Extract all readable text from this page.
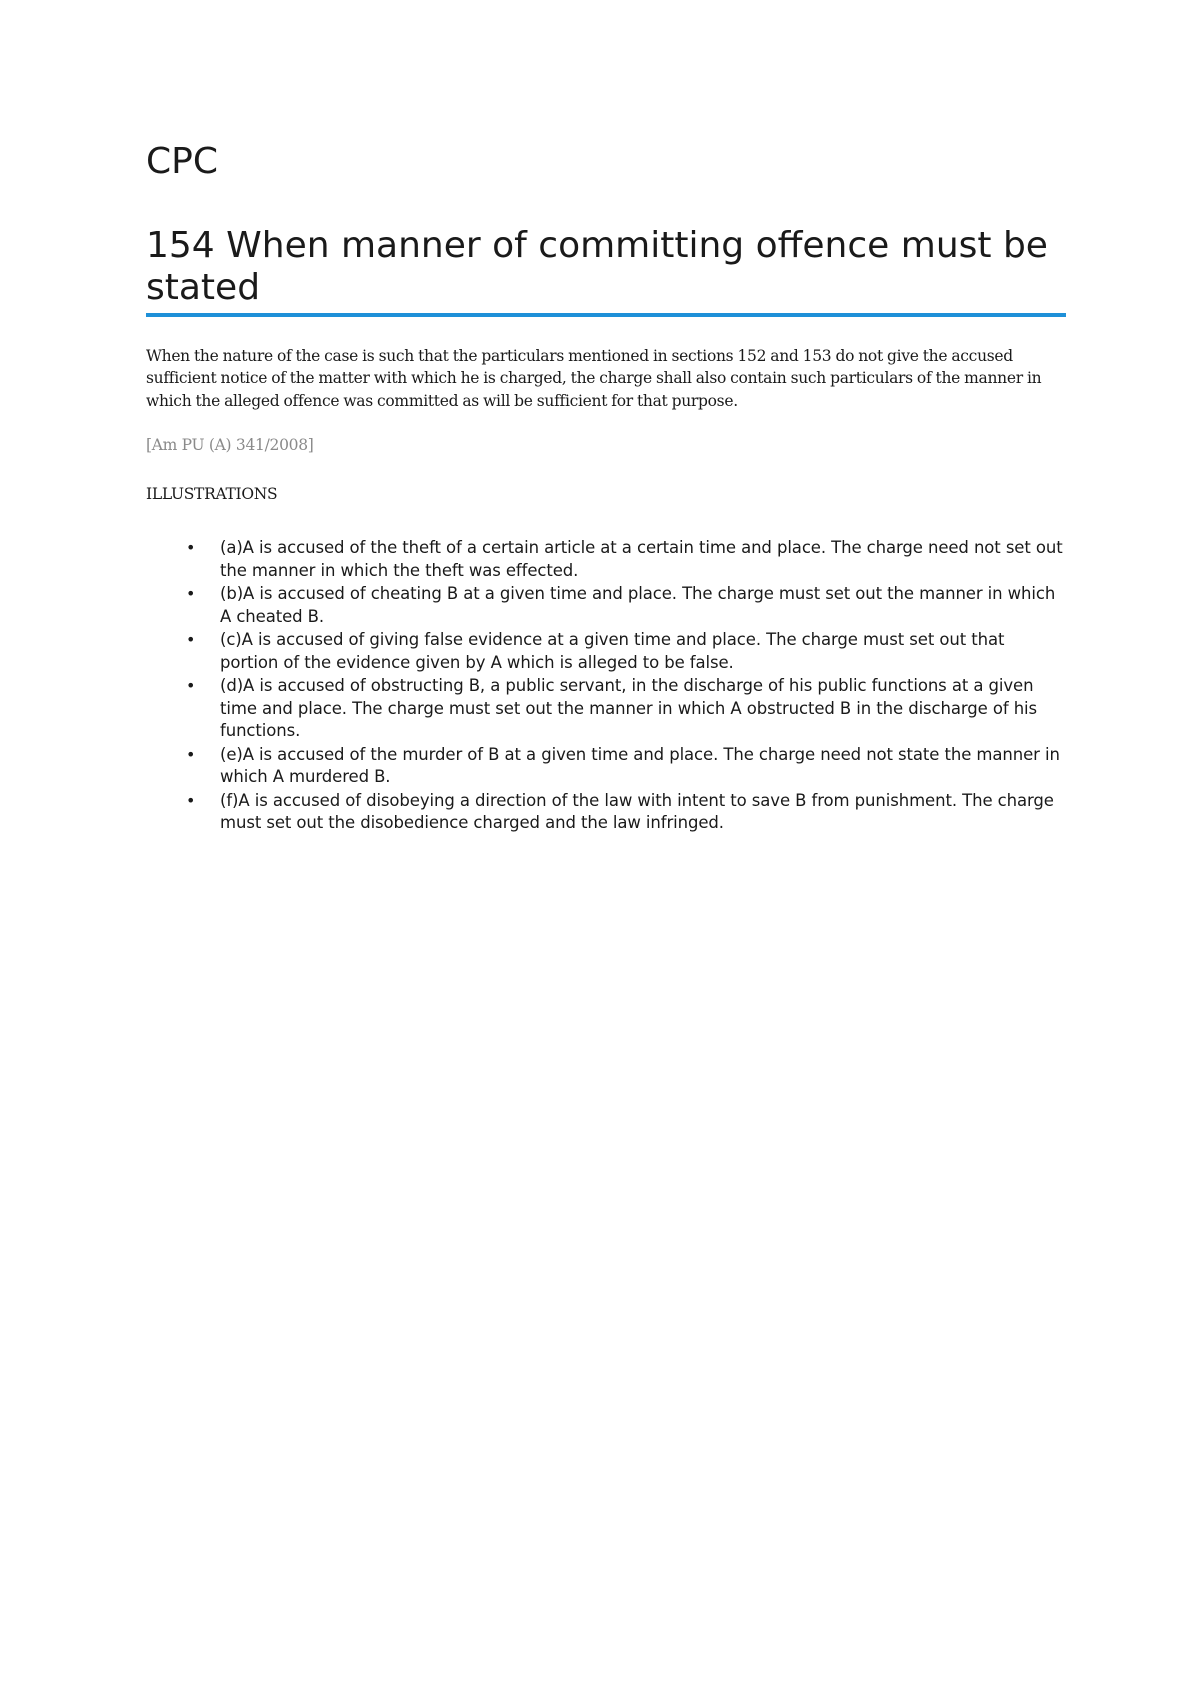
CPC
154 When manner of committing offence must be stated

When the nature of the case is such that the particulars mentioned in sections 152 and 153 do not give the accused sufficient notice of the matter with which he is charged, the charge shall also contain such particulars of the manner in which the alleged offence was committed as will be sufficient for that purpose.

[Am PU (A) 341/2008]

ILLUSTRATIONS

• (a)A is accused of the theft of a certain article at a certain time and place. The charge need not set out the manner in which the theft was effected.
• (b)A is accused of cheating B at a given time and place. The charge must set out the manner in which A cheated B.
• (c)A is accused of giving false evidence at a given time and place. The charge must set out that portion of the evidence given by A which is alleged to be false.
• (d)A is accused of obstructing B, a public servant, in the discharge of his public functions at a given time and place. The charge must set out the manner in which A obstructed B in the discharge of his functions.
• (e)A is accused of the murder of B at a given time and place. The charge need not state the manner in which A murdered B.
• (f)A is accused of disobeying a direction of the law with intent to save B from punishment. The charge must set out the disobedience charged and the law infringed.
